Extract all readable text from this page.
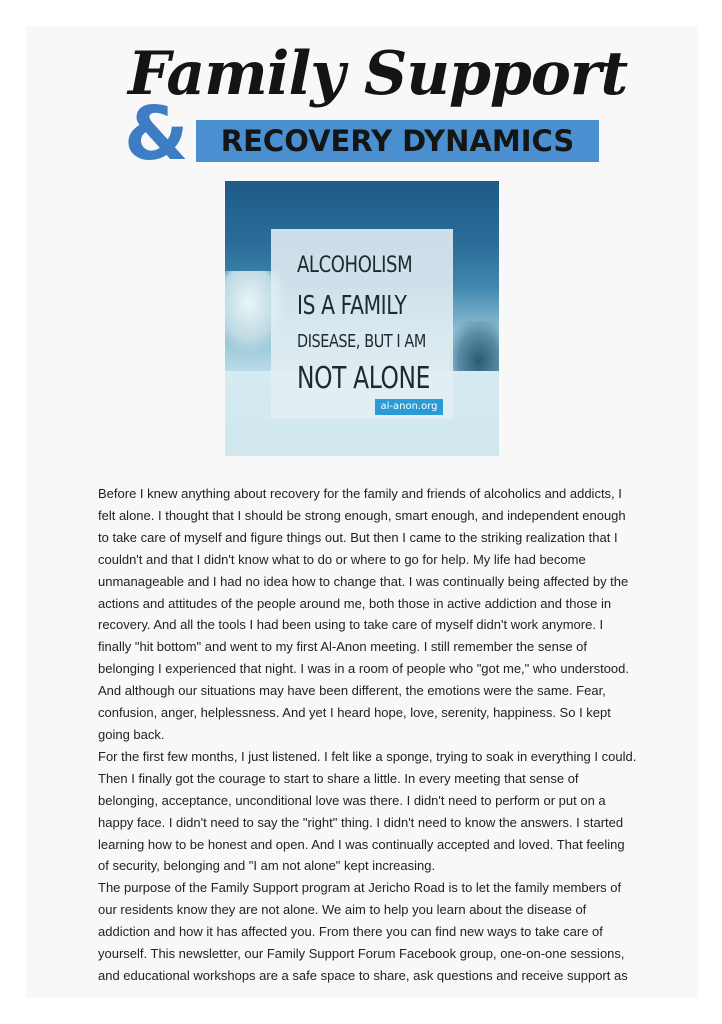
Family Support
RECOVERY DYNAMICS
&
ALCOHOLISM
IS A FAMILY
DISEASE, BUT I AM
NOT ALONE
al-anon.org

Before I knew anything about recovery for the family and friends of alcoholics and addicts, I felt alone. I thought that I should be strong enough, smart enough, and independent enough to take care of myself and figure things out. But then I came to the striking realization that I couldn't and that I didn't know what to do or where to go for help. My life had become unmanageable and I had no idea how to change that. I was continually being affected by the actions and attitudes of the people around me, both those in active addiction and those in recovery. And all the tools I had been using to take care of myself didn't work anymore. I finally "hit bottom" and went to my first Al-Anon meeting. I still remember the sense of belonging I experienced that night. I was in a room of people who "got me," who understood. And although our situations may have been different, the emotions were the same. Fear, confusion, anger, helplessness. And yet I heard hope, love, serenity, happiness. So I kept going back.

For the first few months, I just listened. I felt like a sponge, trying to soak in everything I could. Then I finally got the courage to start to share a little. In every meeting that sense of belonging, acceptance, unconditional love was there. I didn't need to perform or put on a happy face. I didn't need to say the "right" thing. I didn't need to know the answers. I started learning how to be honest and open. And I was continually accepted and loved. That feeling of security, belonging and "I am not alone" kept increasing.

The purpose of the Family Support program at Jericho Road is to let the family members of our residents know they are not alone. We aim to help you learn about the disease of addiction and how it has affected you. From there you can find new ways to take care of yourself. This newsletter, our Family Support Forum Facebook group, one-on-one sessions, and educational workshops are a safe space to share, ask questions and receive support as
